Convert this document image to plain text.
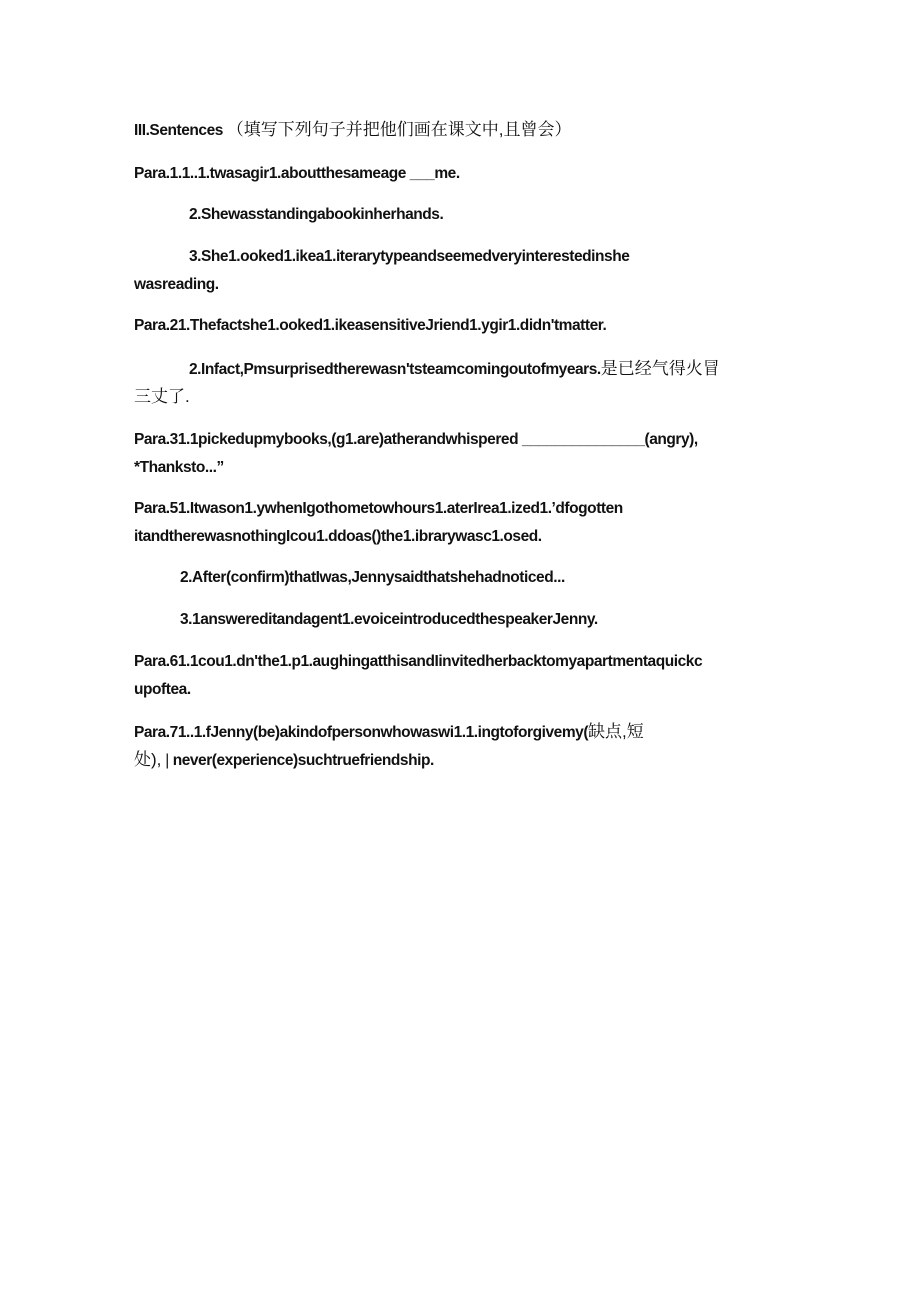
III.Sentences （填写下列句子并把他们画在课文中,且曾会）
Para.1.1..1.twasagir1.aboutthesameage ___me.
2.Shewasstandingabookinherhands.
3.She1.ooked1.ikea1.iterarytypeandseemedveryinterestedinshe
wasreading.
Para.21.Thefactshe1.ooked1.ikeasensitiveJriend1.ygir1.didn'tmatter.
2.Infact,Pmsurprisedtherewasn'tsteamcomingoutofmyears.是已经气得火冒
三丈了.
Para.31.1pickedupmybooks,(g1.are)atherandwhispered _______________(angry),
*Thanksto...”
Para.51.Itwason1.ywhenIgothometowhours1.aterIrea1.ized1.’dfogotten
itandtherewasnothingIcou1.ddoas()the1.ibrarywasc1.osed.
2.After(confirm)thatIwas,Jennysaidthatshehadnoticed...
3.1answereditandagent1.evoiceintroducedthespeakerJenny.
Para.61.1cou1.dn'the1.p1.aughingatthisandIinvitedherbacktomyapartmentaquickc
upoftea.
Para.71..1.fJenny(be)akindofpersonwhowaswi1.1.ingtoforgivemy(缺点,短
处), | never(experience)suchtruefriendship.
